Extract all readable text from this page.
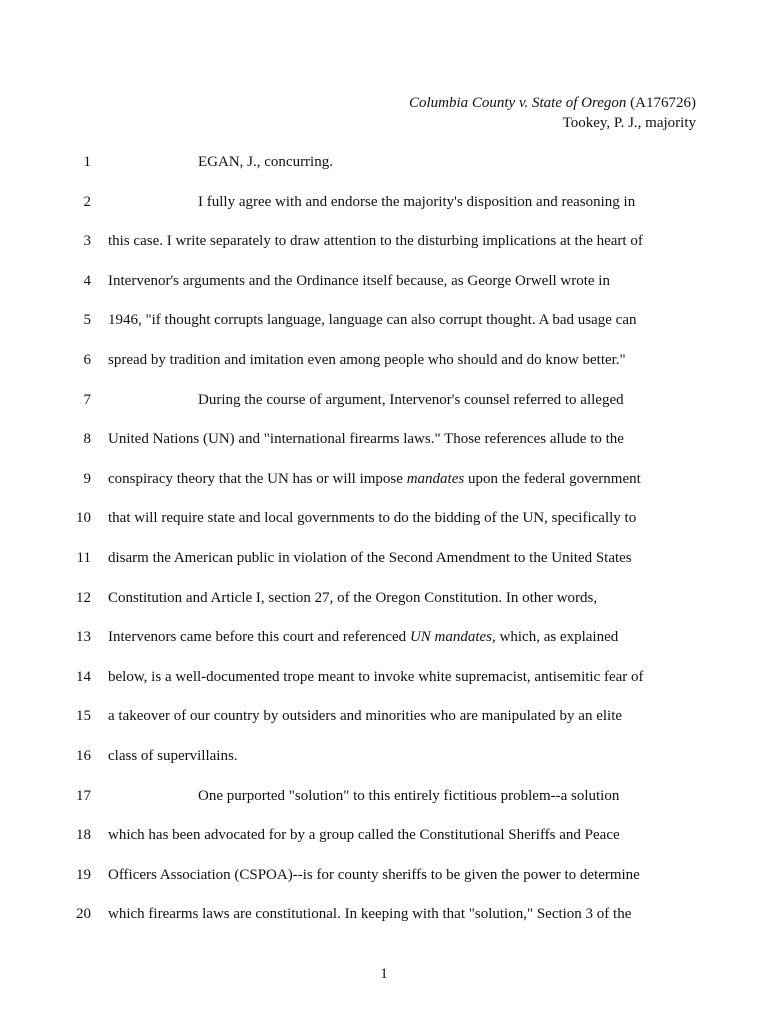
Columbia County v. State of Oregon (A176726)
Tookey, P. J., majority
1	EGAN, J., concurring.
2	I fully agree with and endorse the majority's disposition and reasoning in
3 this case. I write separately to draw attention to the disturbing implications at the heart of
4 Intervenor's arguments and the Ordinance itself because, as George Orwell wrote in
5 1946, "if thought corrupts language, language can also corrupt thought. A bad usage can
6 spread by tradition and imitation even among people who should and do know better."
7	During the course of argument, Intervenor's counsel referred to alleged
8 United Nations (UN) and "international firearms laws." Those references allude to the
9 conspiracy theory that the UN has or will impose mandates upon the federal government
10 that will require state and local governments to do the bidding of the UN, specifically to
11 disarm the American public in violation of the Second Amendment to the United States
12 Constitution and Article I, section 27, of the Oregon Constitution. In other words,
13 Intervenors came before this court and referenced UN mandates, which, as explained
14 below, is a well-documented trope meant to invoke white supremacist, antisemitic fear of
15 a takeover of our country by outsiders and minorities who are manipulated by an elite
16 class of supervillains.
17	One purported "solution" to this entirely fictitious problem--a solution
18 which has been advocated for by a group called the Constitutional Sheriffs and Peace
19 Officers Association (CSPOA)--is for county sheriffs to be given the power to determine
20 which firearms laws are constitutional. In keeping with that "solution," Section 3 of the
1
